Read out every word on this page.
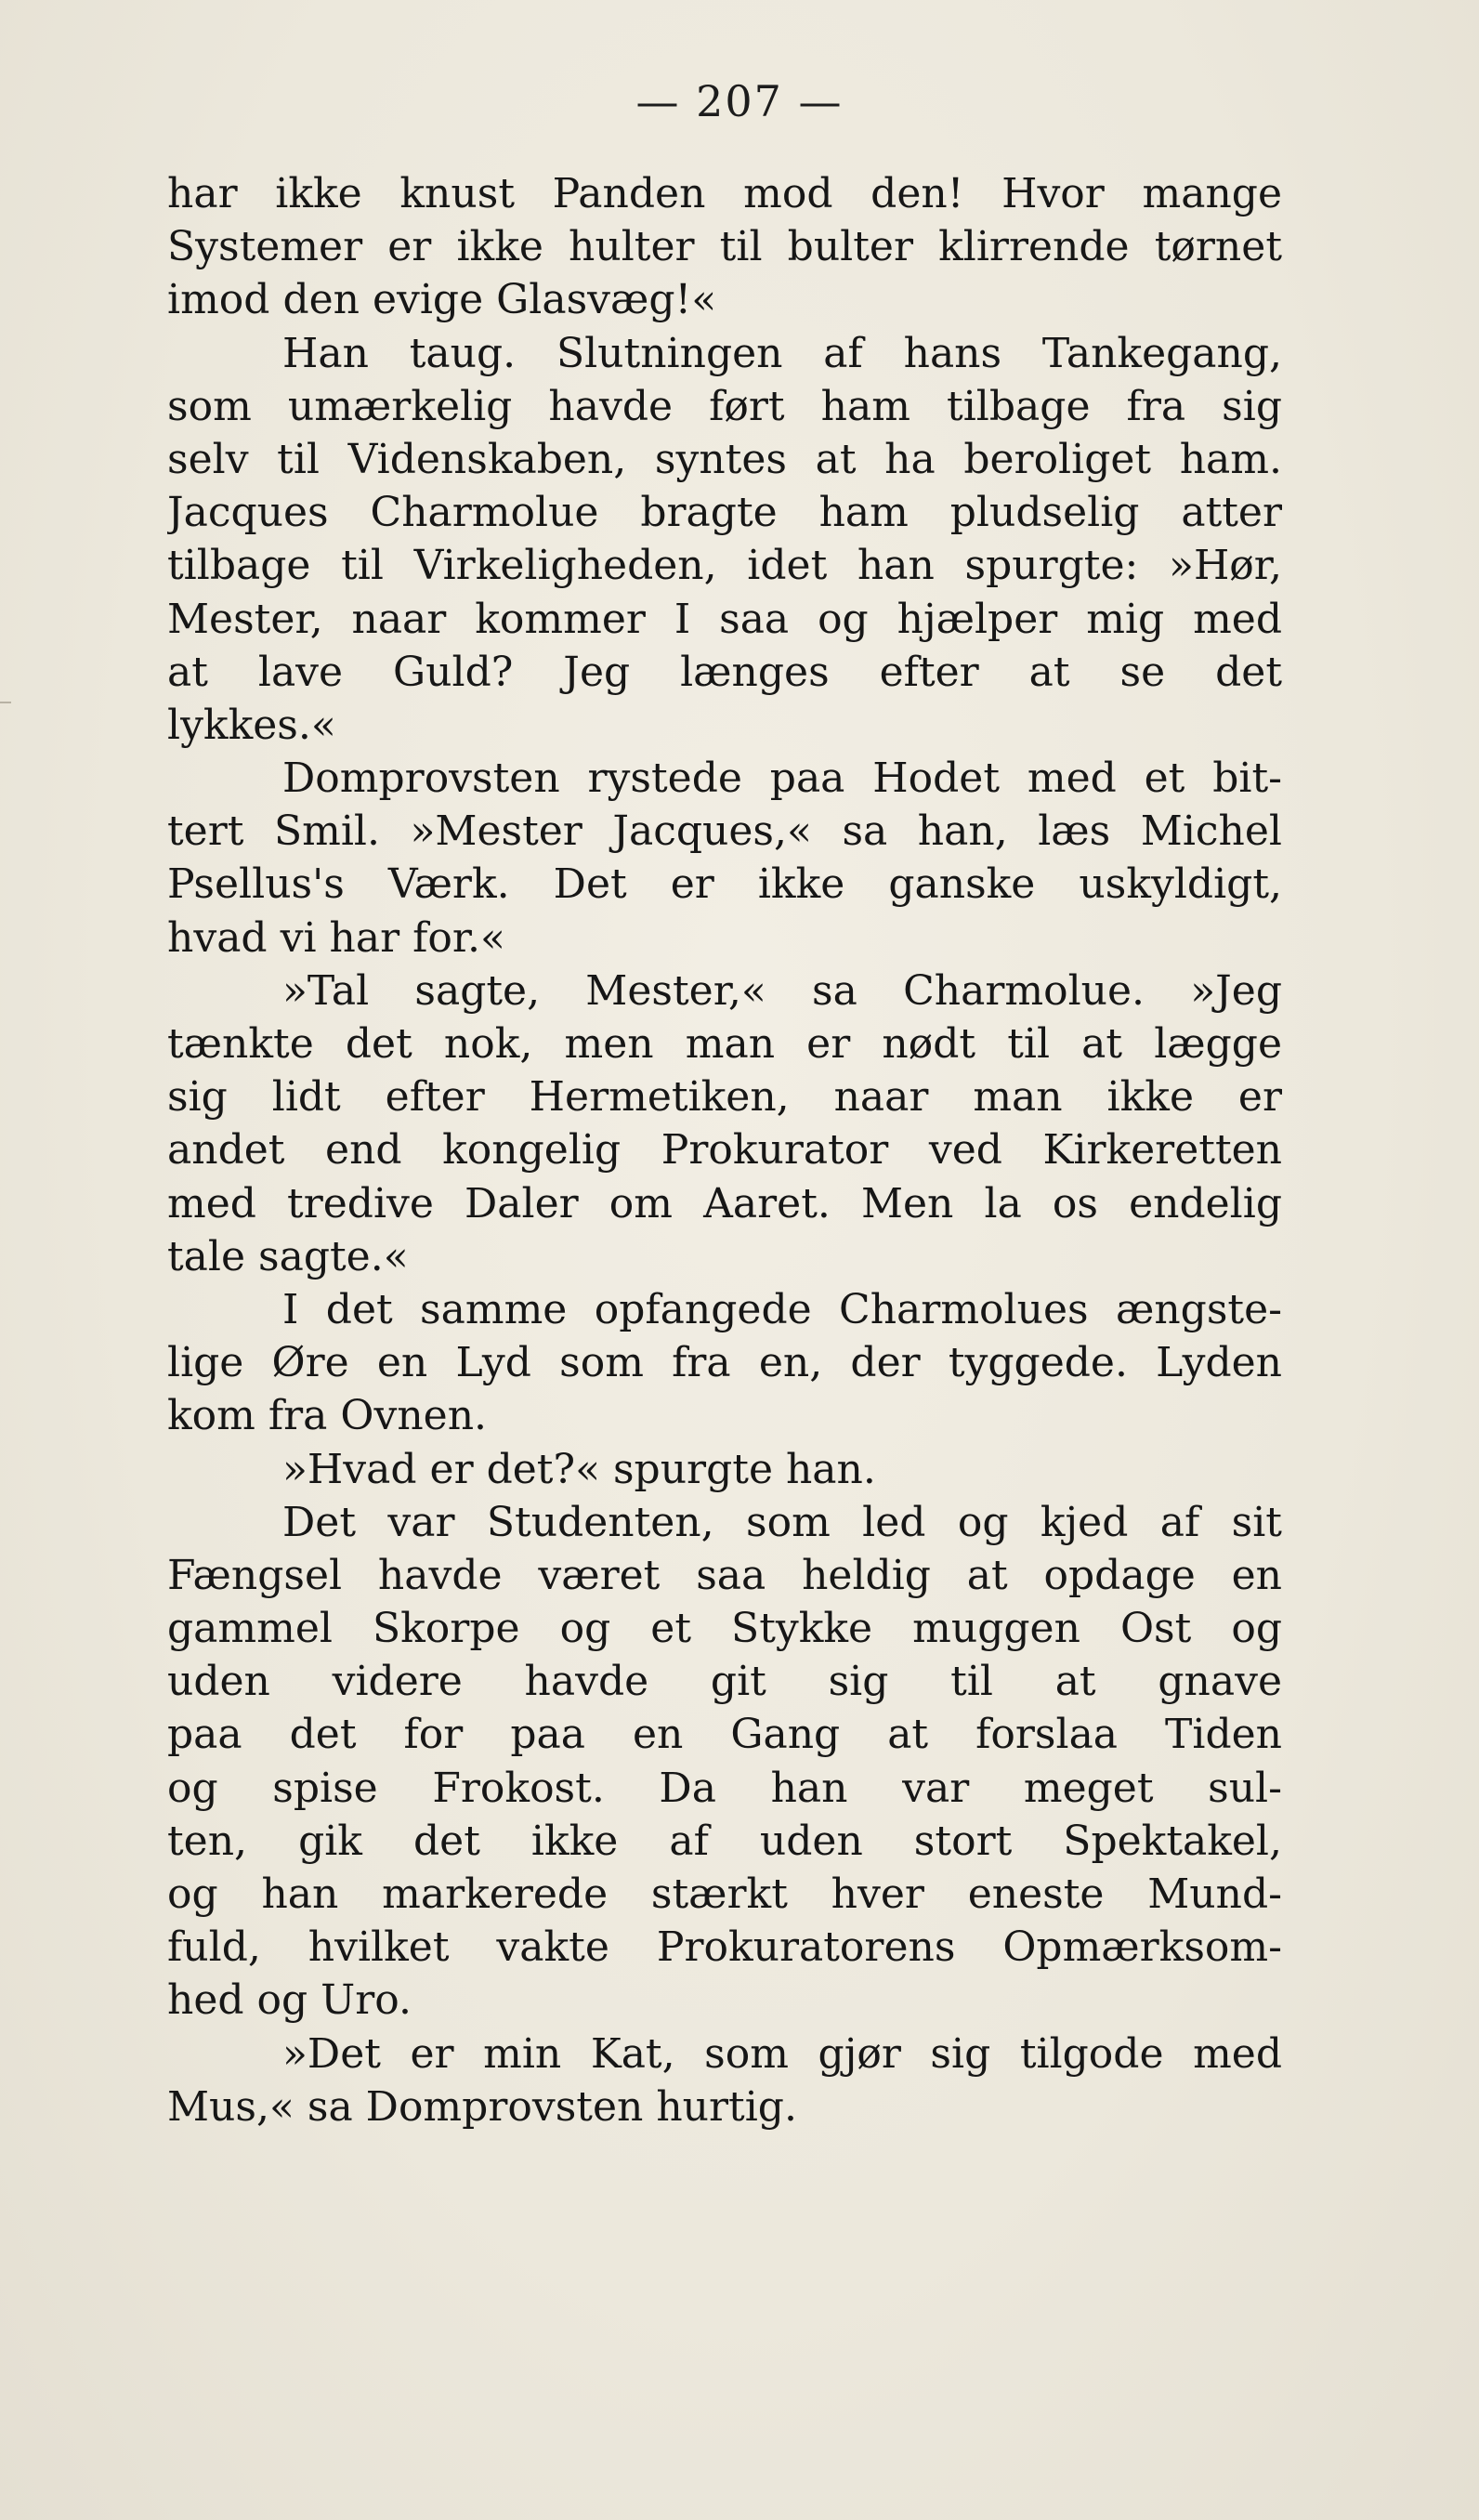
— 207 —
har ikke knust Panden mod den! Hvor mange
Systemer er ikke hulter til bulter klirrende tørnet
imod den evige Glasvæg!«
Han taug. Slutningen af hans Tankegang,
som umærkelig havde ført ham tilbage fra sig
selv til Videnskaben, syntes at ha beroliget ham.
Jacques Charmolue bragte ham pludselig atter
tilbage til Virkeligheden, idet han spurgte: »Hør,
Mester, naar kommer I saa og hjælper mig med
at lave Guld? Jeg længes efter at se det
lykkes.«
Domprovsten rystede paa Hodet med et bit-
tert Smil. »Mester Jacques,« sa han, læs Michel
Psellus's Værk. Det er ikke ganske uskyldigt,
hvad vi har for.«
»Tal sagte, Mester,« sa Charmolue. »Jeg
tænkte det nok, men man er nødt til at lægge
sig lidt efter Hermetiken, naar man ikke er
andet end kongelig Prokurator ved Kirkeretten
med tredive Daler om Aaret. Men la os endelig
tale sagte.«
I det samme opfangede Charmolues ængste-
lige Øre en Lyd som fra en, der tyggede. Lyden
kom fra Ovnen.
»Hvad er det?« spurgte han.
Det var Studenten, som led og kjed af sit
Fængsel havde været saa heldig at opdage en
gammel Skorpe og et Stykke muggen Ost og
uden videre havde git sig til at gnave
paa det for paa en Gang at forslaa Tiden
og spise Frokost. Da han var meget sul-
ten, gik det ikke af uden stort Spektakel,
og han markerede stærkt hver eneste Mund-
fuld, hvilket vakte Prokuratorens Opmærksom-
hed og Uro.
»Det er min Kat, som gjør sig tilgode med
Mus,« sa Domprovsten hurtig.
